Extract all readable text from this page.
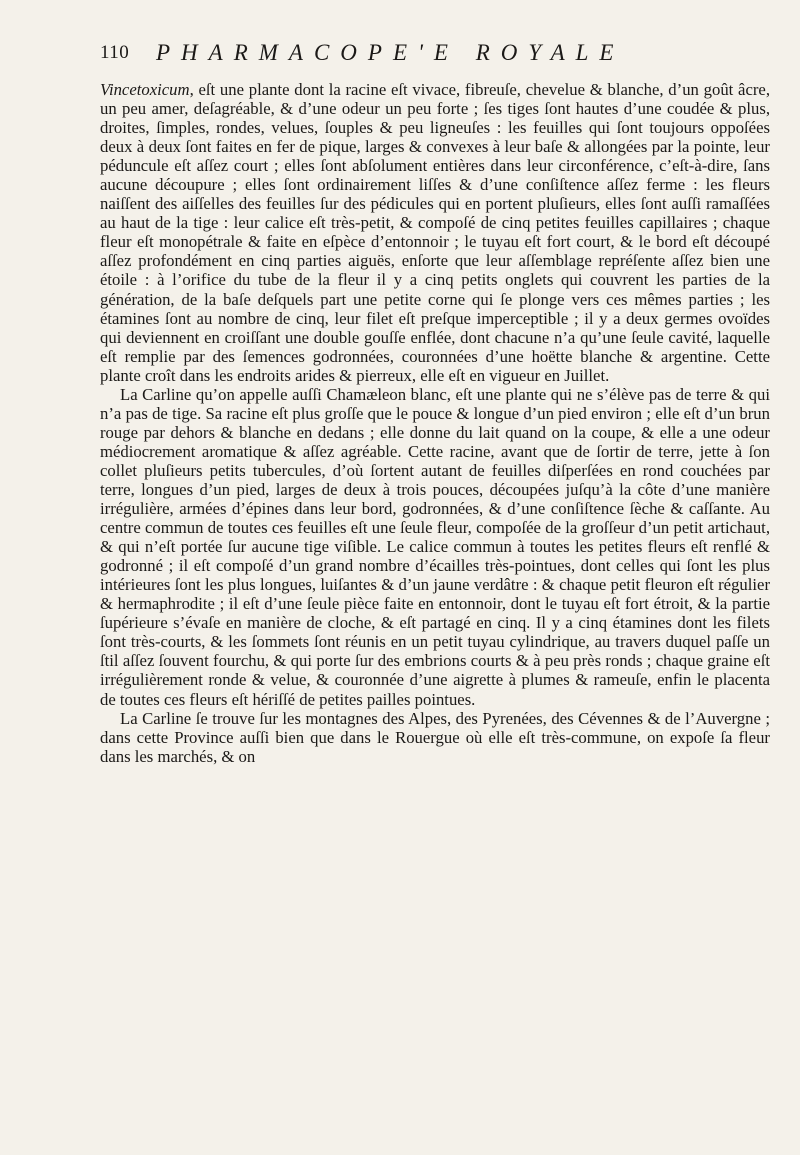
110 PHARMACOPE'E ROYALE

Vincetoxicum, eſt une plante dont la racine eſt vivace, fibreuſe, chevelue & blanche, d’un goût âcre, un peu amer, deſagréable, & d’une odeur un peu forte ; ſes tiges ſont hautes d’une coudée & plus, droites, ſimples, rondes, velues, ſouples & peu ligneuſes : les feuilles qui ſont toujours oppoſées deux à deux ſont faites en fer de pique, larges & convexes à leur baſe & allongées par la pointe, leur péduncule eſt aſſez court ; elles ſont abſolument entières dans leur circonférence, c’eſt-à-dire, ſans aucune découpure ; elles ſont ordinairement liſſes & d’une conſiſtence aſſez ferme : les fleurs naiſſent des aiſſelles des feuilles ſur des pédicules qui en portent pluſieurs, elles ſont auſſi ramaſſées au haut de la tige : leur calice eſt très-petit, & compoſé de cinq petites feuilles capillaires ; chaque fleur eſt monopétrale & faite en eſpèce d’entonnoir ; le tuyau eſt fort court, & le bord eſt découpé aſſez profondément en cinq parties aiguës, enſorte que leur aſſemblage repréſente aſſez bien une étoile : à l’orifice du tube de la fleur il y a cinq petits onglets qui couvrent les parties de la génération, de la baſe deſquels part une petite corne qui ſe plonge vers ces mêmes parties ; les étamines ſont au nombre de cinq, leur filet eſt preſque imperceptible ; il y a deux germes ovoïdes qui deviennent en croiſſant une double gouſſe enflée, dont chacune n’a qu’une ſeule cavité, laquelle eſt remplie par des ſemences godronnées, couronnées d’une hoëtte blanche & argentine. Cette plante croît dans les endroits arides & pierreux, elle eſt en vigueur en Juillet.

La Carline qu’on appelle auſſi Chamæleon blanc, eſt une plante qui ne s’élève pas de terre & qui n’a pas de tige. Sa racine eſt plus groſſe que le pouce & longue d’un pied environ ; elle eſt d’un brun rouge par dehors & blanche en dedans ; elle donne du lait quand on la coupe, & elle a une odeur médiocrement aromatique & aſſez agréable. Cette racine, avant que de ſortir de terre, jette à ſon collet pluſieurs petits tubercules, d’où ſortent autant de feuilles diſperſées en rond couchées par terre, longues d’un pied, larges de deux à trois pouces, découpées juſqu’à la côte d’une manière irrégulière, armées d’épines dans leur bord, godronnées, & d’une conſiſtence ſèche & caſſante. Au centre commun de toutes ces feuilles eſt une ſeule fleur, compoſée de la groſſeur d’un petit artichaut, & qui n’eſt portée ſur aucune tige viſible. Le calice commun à toutes les petites fleurs eſt renflé & godronné ; il eſt compoſé d’un grand nombre d’écailles très-pointues, dont celles qui ſont les plus intérieures ſont les plus longues, luiſantes & d’un jaune verdâtre : & chaque petit fleuron eſt régulier & hermaphrodite ; il eſt d’une ſeule pièce faite en entonnoir, dont le tuyau eſt fort étroit, & la partie ſupérieure s’évaſe en manière de cloche, & eſt partagé en cinq. Il y a cinq étamines dont les filets ſont très-courts, & les ſommets ſont réunis en un petit tuyau cylindrique, au travers duquel paſſe un ſtil aſſez ſouvent fourchu, & qui porte ſur des embrions courts & à peu près ronds ; chaque graine eſt irrégulièrement ronde & velue, & couronnée d’une aigrette à plumes & rameuſe, enfin le placenta de toutes ces fleurs eſt hériſſé de petites pailles pointues.

La Carline ſe trouve ſur les montagnes des Alpes, des Pyrenées, des Cévennes & de l’Auvergne ; dans cette Province auſſi bien que dans le Rouergue où elle eſt très-commune, on expoſe ſa fleur dans les marchés, & on
